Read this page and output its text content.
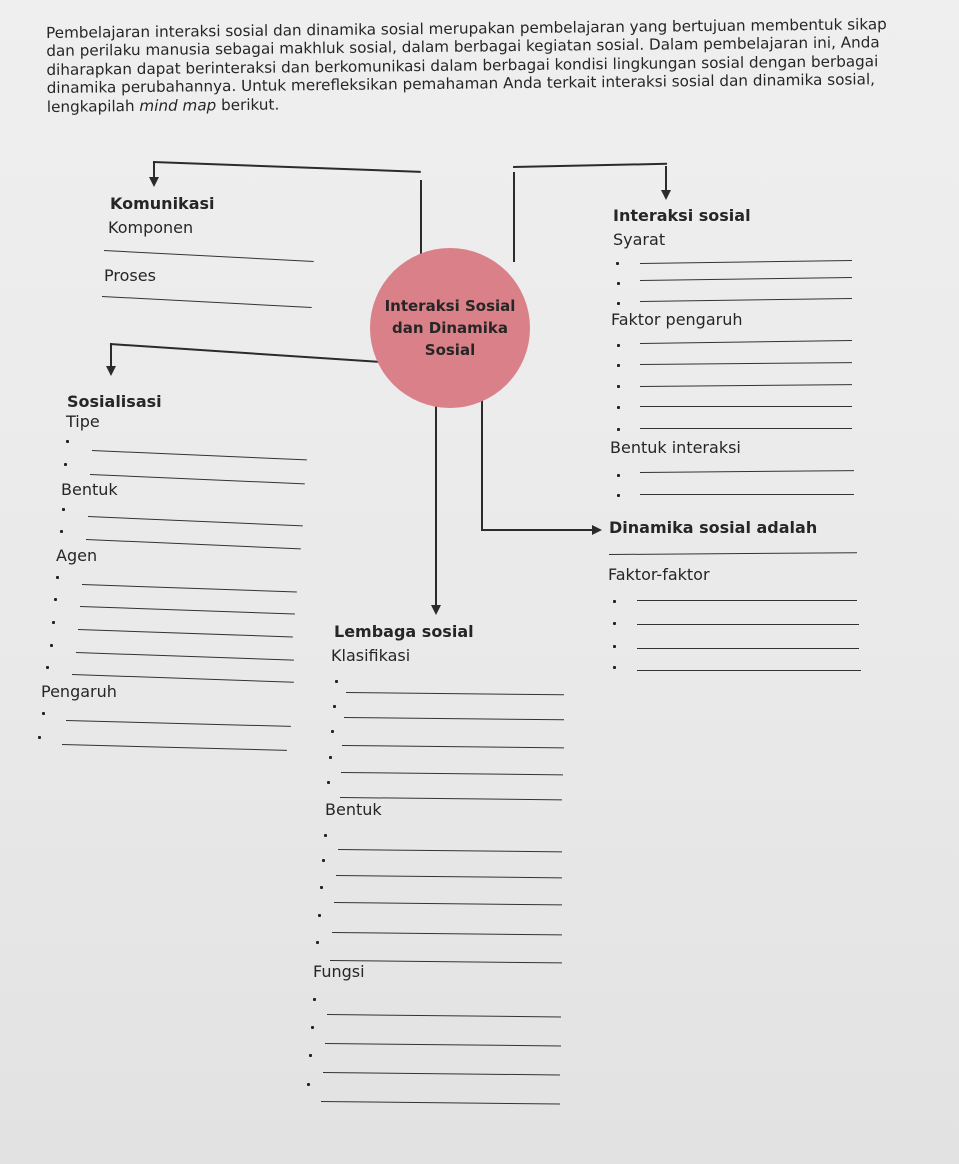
Pembelajaran interaksi sosial dan dinamika sosial merupakan pembelajaran yang bertujuan membentuk sikap dan perilaku manusia sebagai makhluk sosial, dalam berbagai kegiatan sosial. Dalam pembelajaran ini, Anda diharapkan dapat berinteraksi dan berkomunikasi dalam berbagai kondisi lingkungan sosial dengan berbagai dinamika perubahannya. Untuk merefleksikan pemahaman Anda terkait interaksi sosial dan dinamika sosial, lengkapilah mind map berikut.

Interaksi Sosial
dan Dinamika
Sosial
Komunikasi
Komponen
Proses
Sosialisasi
Tipe
Bentuk
Agen
Pengaruh
Interaksi sosial
Syarat
Faktor pengaruh
Bentuk interaksi
Dinamika sosial adalah
Faktor-faktor
Lembaga sosial
Klasifikasi
Bentuk
Fungsi
